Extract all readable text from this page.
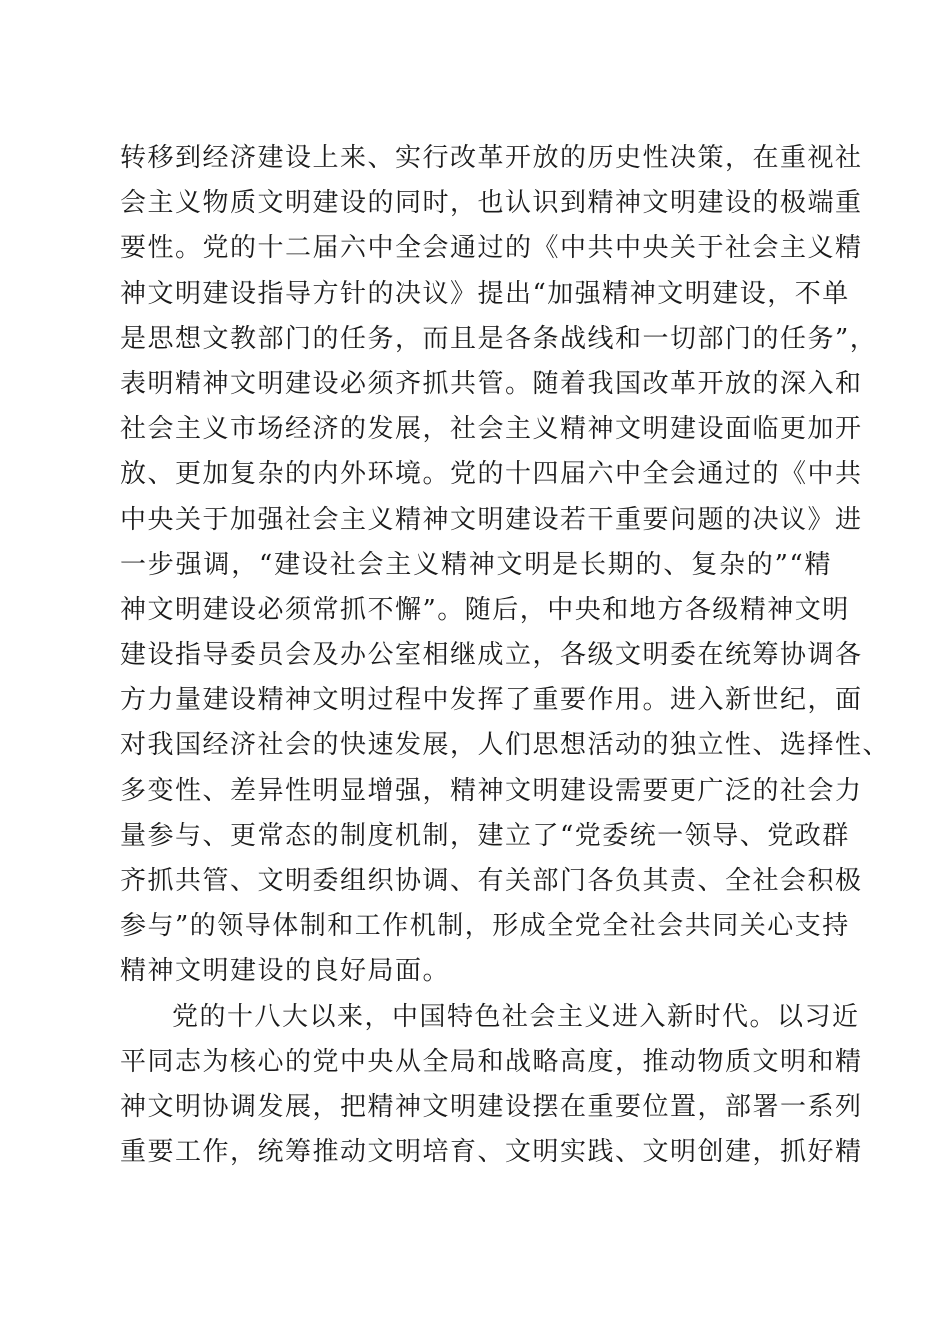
转移到经济建设上来、实行改革开放的历史性决策，在重视社
会主义物质文明建设的同时，也认识到精神文明建设的极端重
要性。党的十二届六中全会通过的《中共中央关于社会主义精
神文明建设指导方针的决议》提出“加强精神文明建设，不单
是思想文教部门的任务，而且是各条战线和一切部门的任务”，
表明精神文明建设必须齐抓共管。随着我国改革开放的深入和
社会主义市场经济的发展，社会主义精神文明建设面临更加开
放、更加复杂的内外环境。党的十四届六中全会通过的《中共
中央关于加强社会主义精神文明建设若干重要问题的决议》进
一步强调，“建设社会主义精神文明是长期的、复杂的”“精
神文明建设必须常抓不懈”。随后，中央和地方各级精神文明
建设指导委员会及办公室相继成立，各级文明委在统筹协调各
方力量建设精神文明过程中发挥了重要作用。进入新世纪，面
对我国经济社会的快速发展，人们思想活动的独立性、选择性、
多变性、差异性明显增强，精神文明建设需要更广泛的社会力
量参与、更常态的制度机制，建立了“党委统一领导、党政群
齐抓共管、文明委组织协调、有关部门各负其责、全社会积极
参与”的领导体制和工作机制，形成全党全社会共同关心支持
精神文明建设的良好局面。
党的十八大以来，中国特色社会主义进入新时代。以习近
平同志为核心的党中央从全局和战略高度，推动物质文明和精
神文明协调发展，把精神文明建设摆在重要位置，部署一系列
重要工作，统筹推动文明培育、文明实践、文明创建，抓好精
